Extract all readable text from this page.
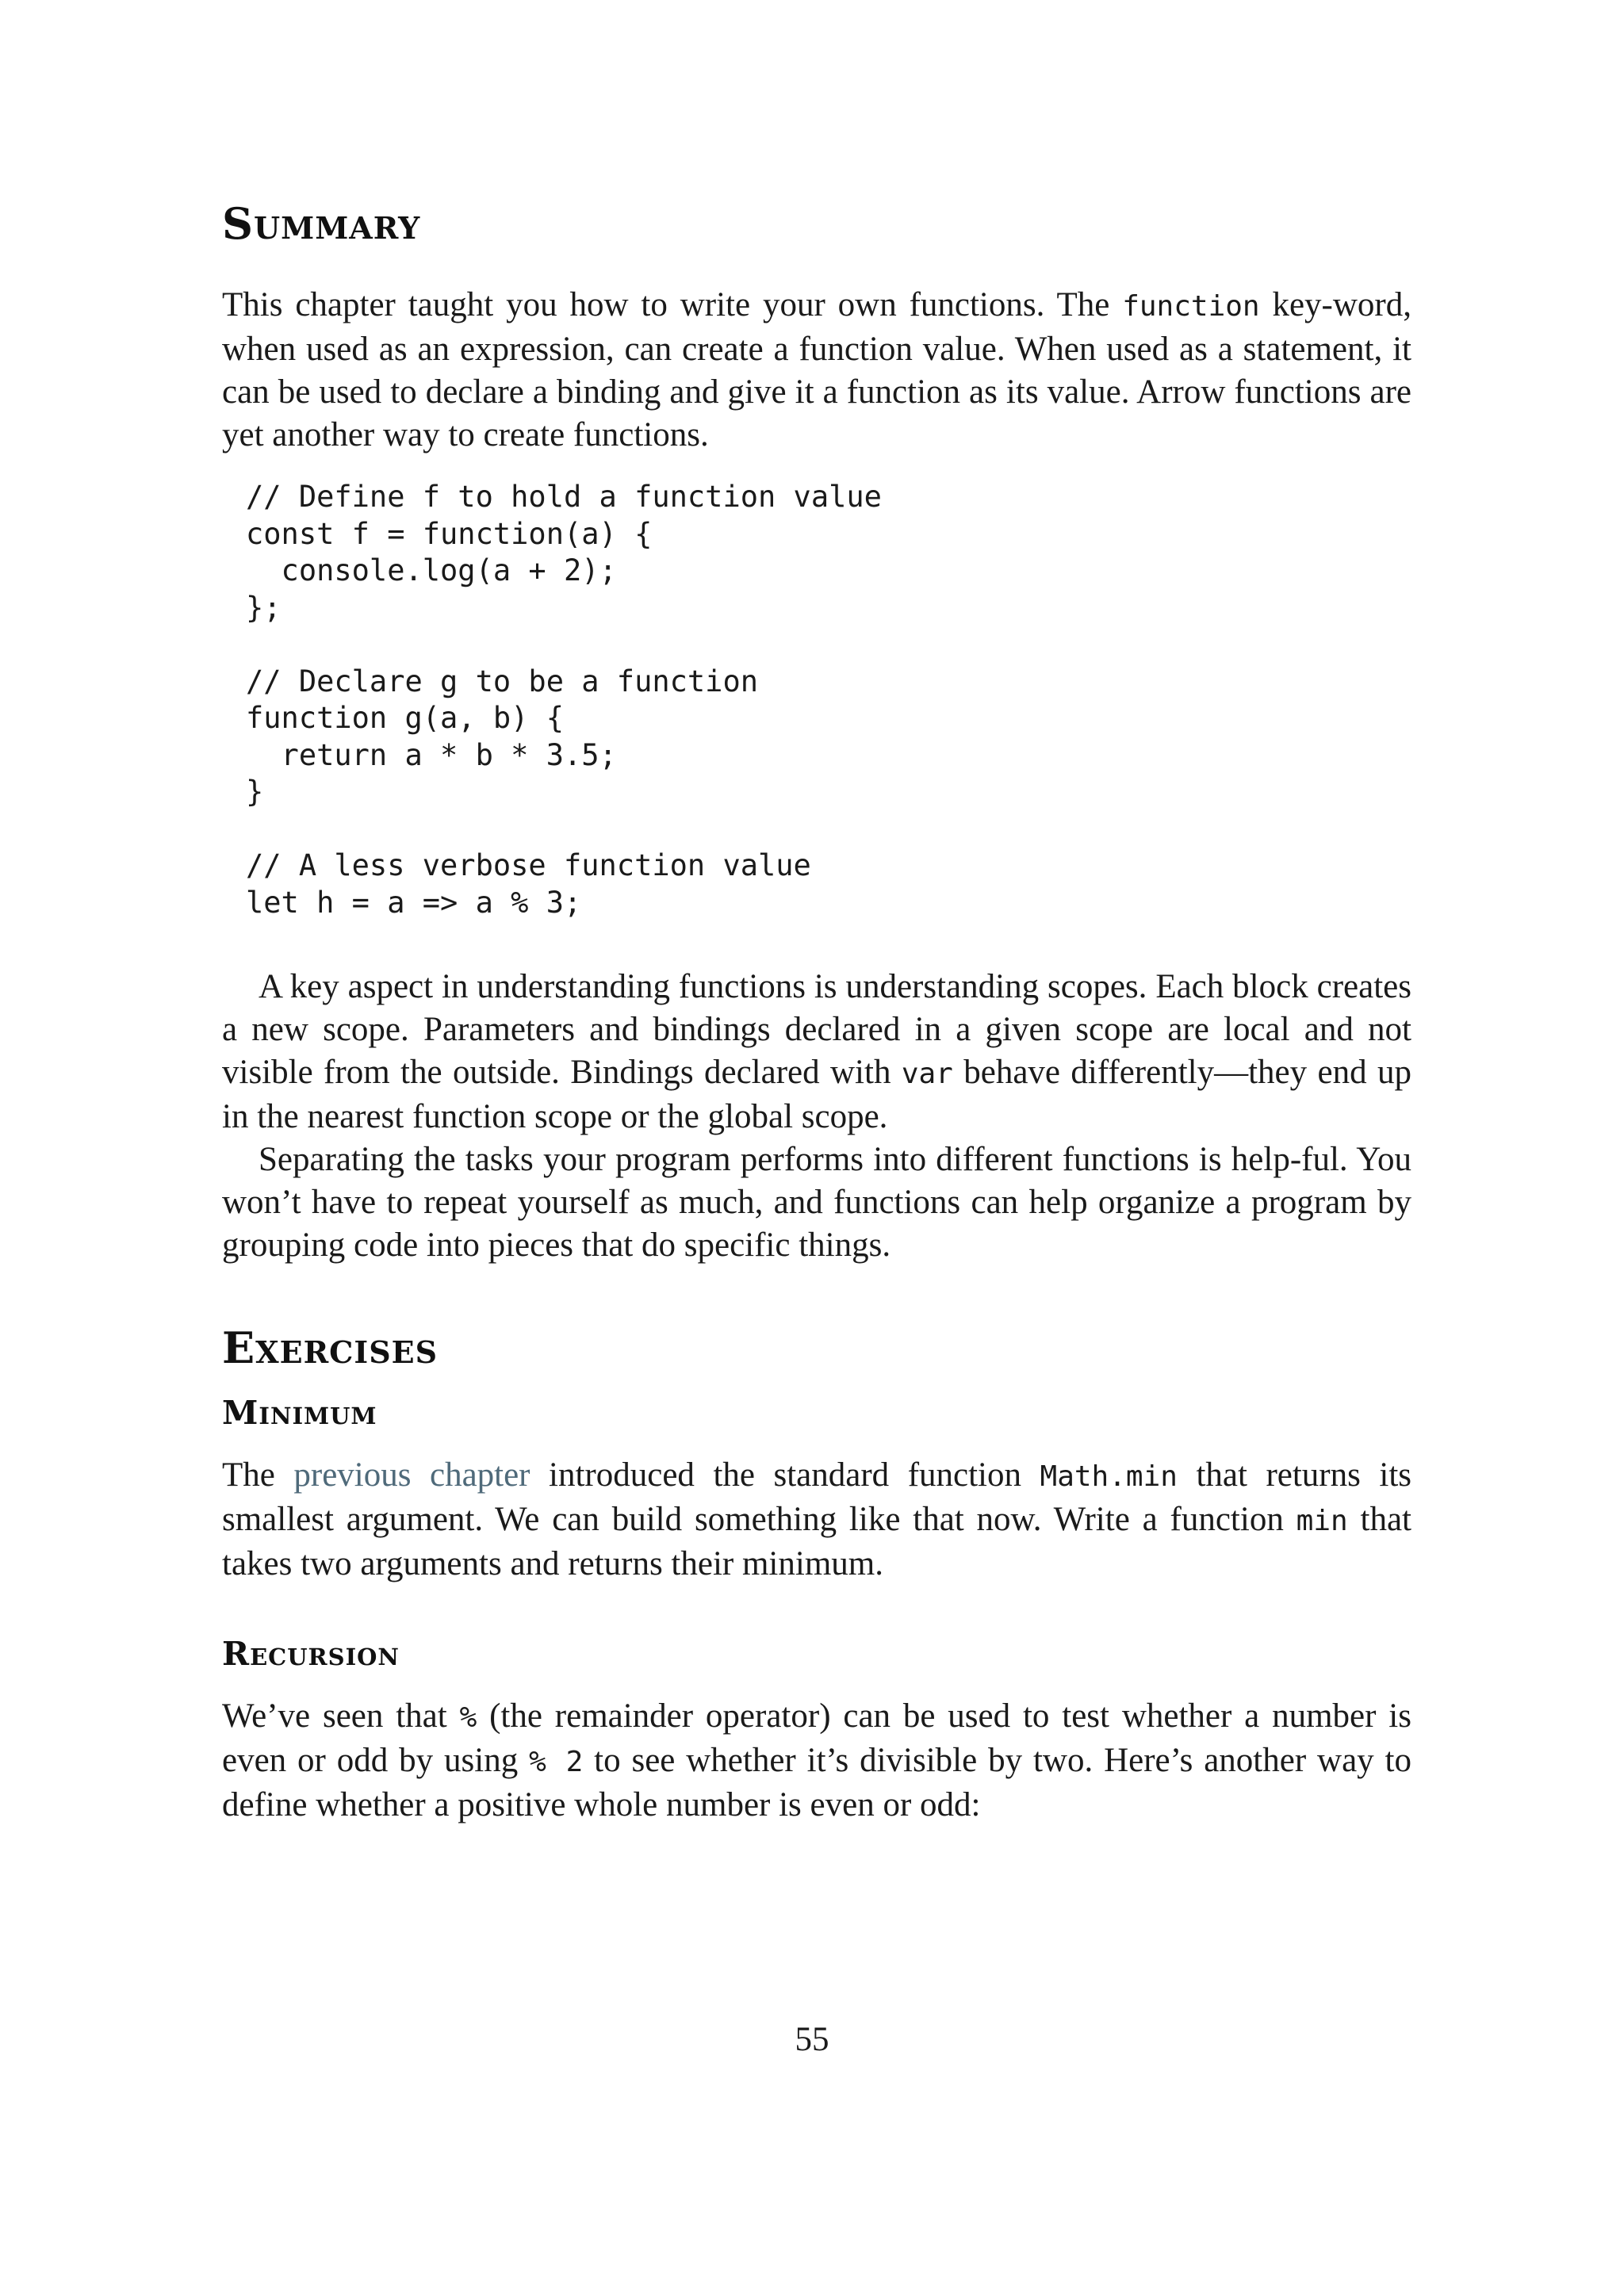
Summary

This chapter taught you how to write your own functions. The function key-word, when used as an expression, can create a function value. When used as a statement, it can be used to declare a binding and give it a function as its value. Arrow functions are yet another way to create functions.

// Define f to hold a function value
const f = function(a) {
console.log(a + 2);
};

// Declare g to be a function
function g(a, b) {
return a * b * 3.5;
}

// A less verbose function value
let h = a => a % 3;

A key aspect in understanding functions is understanding scopes. Each block creates a new scope. Parameters and bindings declared in a given scope are local and not visible from the outside. Bindings declared with var behave differently—they end up in the nearest function scope or the global scope.

Separating the tasks your program performs into different functions is help-ful. You won’t have to repeat yourself as much, and functions can help organize a program by grouping code into pieces that do specific things.

Exercises
Minimum

The previous chapter introduced the standard function Math.min that returns its smallest argument. We can build something like that now. Write a function min that takes two arguments and returns their minimum.

Recursion

We’ve seen that % (the remainder operator) can be used to test whether a number is even or odd by using % 2 to see whether it’s divisible by two. Here’s another way to define whether a positive whole number is even or odd:

55
